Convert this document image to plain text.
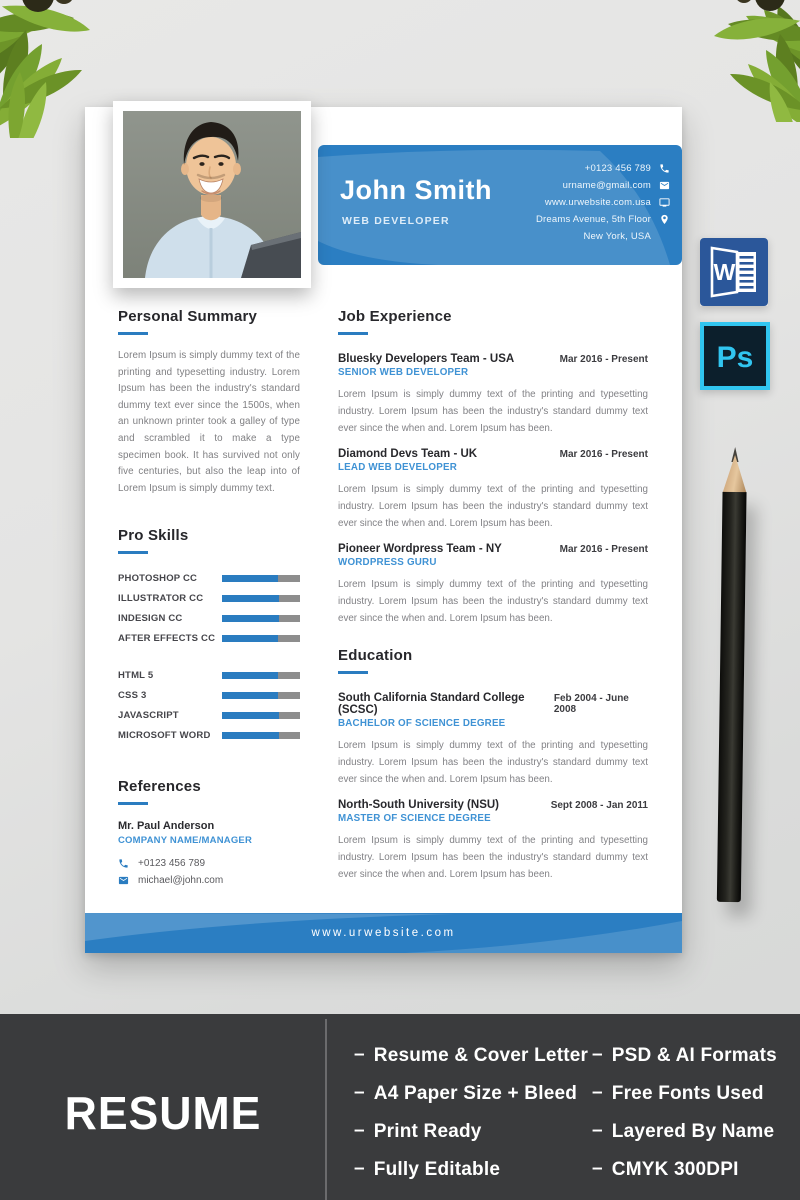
John Smith
WEB DEVELOPER
+0123 456 789
urname@gmail.com
www.urwebsite.com.usa
Dreams Avenue, 5th Floor
New York, USA
Personal Summary
Lorem Ipsum is simply dummy text of the printing and typesetting industry. Lorem Ipsum has been the industry's standard dummy text ever since the 1500s, when an unknown printer took a galley of type and scrambled it to make a type specimen book. It has survived not only five centuries, but also the leap into of Lorem Ipsum is simply dummy text.
Pro Skills
PHOTOSHOP CC
ILLUSTRATOR CC
INDESIGN CC
AFTER EFFECTS CC
HTML 5
CSS 3
JAVASCRIPT
MICROSOFT WORD
References
Mr. Paul Anderson
COMPANY NAME/MANAGER
+0123 456 789
michael@john.com
Job Experience
Bluesky Developers Team - USA	Mar 2016 - Present
SENIOR WEB DEVELOPER
Lorem Ipsum is simply dummy text of the printing and typesetting industry. Lorem Ipsum has been the industry's standard dummy text ever since the when and. Lorem Ipsum has been.
Diamond Devs Team - UK	Mar 2016 - Present
LEAD WEB DEVELOPER
Lorem Ipsum is simply dummy text of the printing and typesetting industry. Lorem Ipsum has been the industry's standard dummy text ever since the when and. Lorem Ipsum has been.
Pioneer Wordpress Team - NY	Mar 2016 - Present
WORDPRESS GURU
Lorem Ipsum is simply dummy text of the printing and typesetting industry. Lorem Ipsum has been the industry's standard dummy text ever since the when and. Lorem Ipsum has been.
Education
South California Standard College (SCSC)
Feb 2004 - June 2008
BACHELOR OF SCIENCE DEGREE
Lorem Ipsum is simply dummy text of the printing and typesetting industry. Lorem Ipsum has been the industry's standard dummy text ever since the when and. Lorem Ipsum has been.
North-South University (NSU)	Sept 2008 - Jan 2011
MASTER OF SCIENCE DEGREE
Lorem Ipsum is simply dummy text of the printing and typesetting industry. Lorem Ipsum has been the industry's standard dummy text ever since the when and. Lorem Ipsum has been.
www.urwebsite.com
W
Ps
RESUME
– Resume & Cover Letter – PSD & AI Formats
– A4 Paper Size + Bleed – Free Fonts Used
– Print Ready	– Layered By Name
– Fully Editable	– CMYK 300DPI
